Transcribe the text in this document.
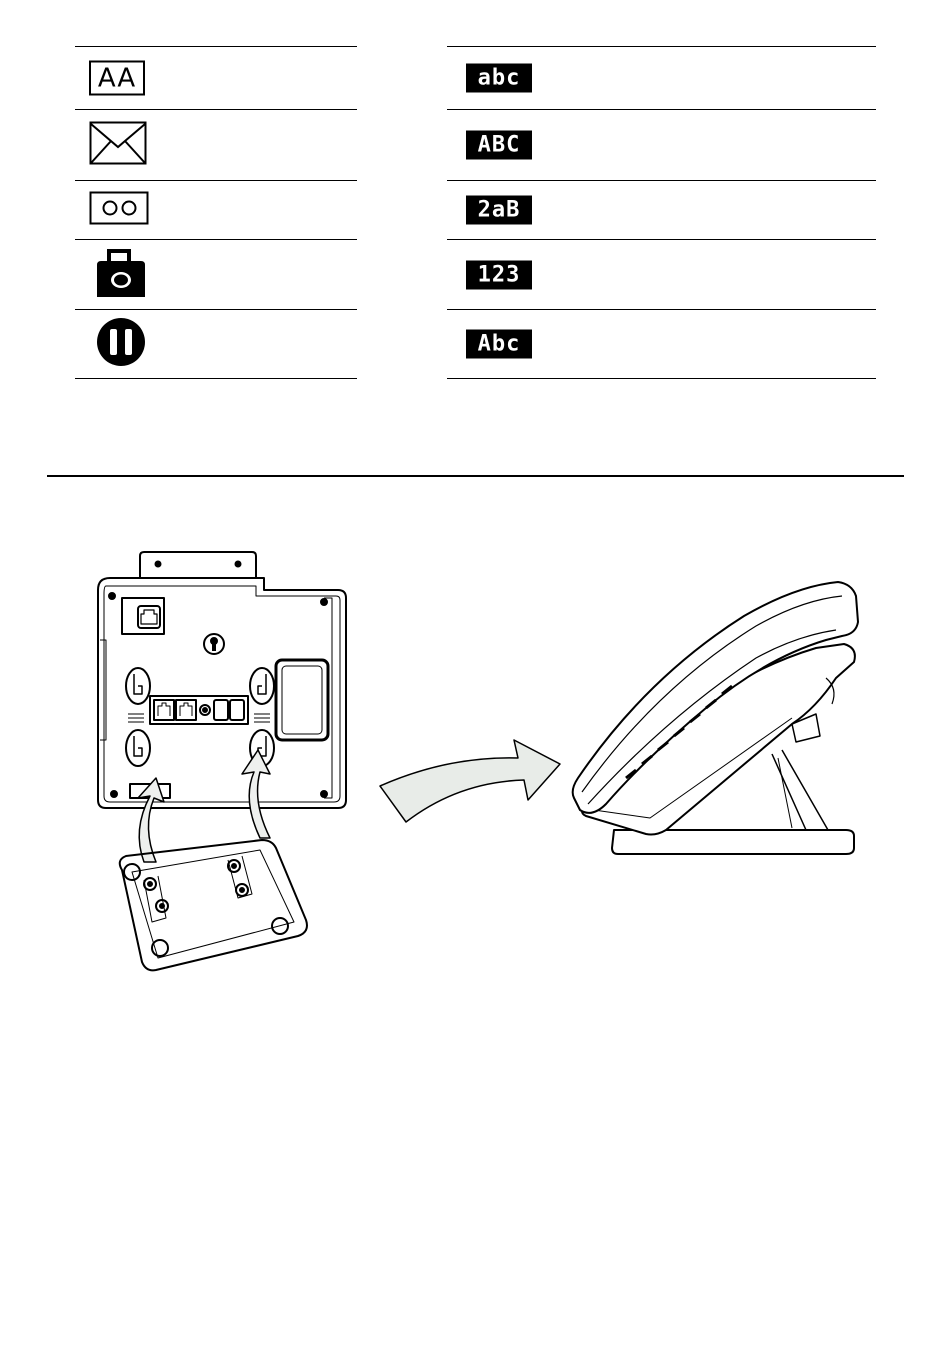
AA	abc
ABC
2aB
123
Abc
